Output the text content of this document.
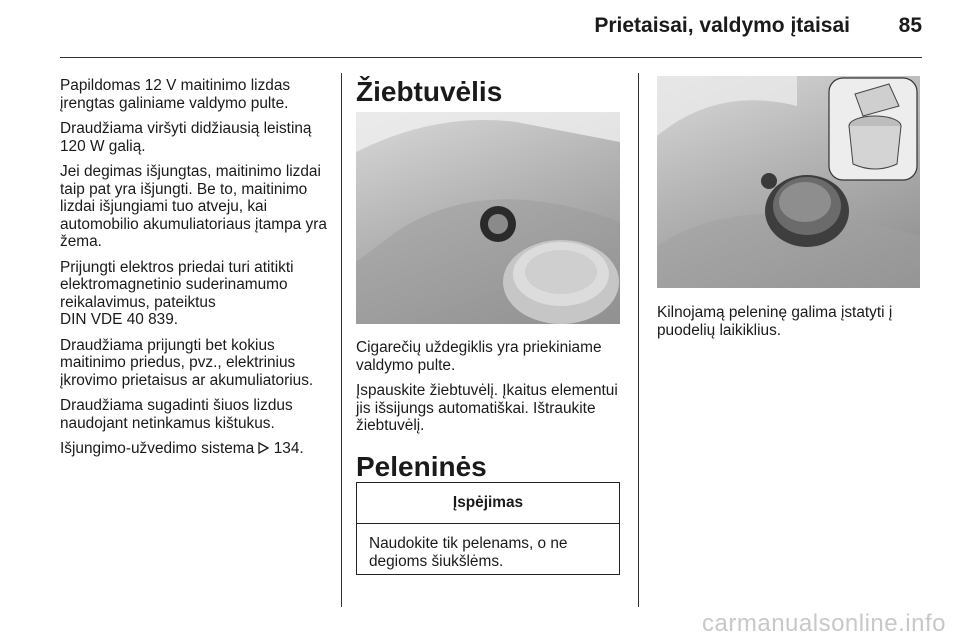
Prietaisai, valdymo įtaisai	85

Papildomas 12 V maitinimo lizdas įrengtas galiniame valdymo pulte.

Draudžiama viršyti didžiausią leistiną 120 W galią.

Jei degimas išjungtas, maitinimo lizdai taip pat yra išjungti. Be to, maitinimo lizdai išjungiami tuo atveju, kai automobilio akumuliatoriaus įtampa yra žema.

Prijungti elektros priedai turi atitikti elektromagnetinio suderinamumo reikalavimus, pateiktus

DIN VDE 40 839.

Draudžiama prijungti bet kokius maitinimo priedus, pvz., elektrinius įkrovimo prietaisus ar akumuliatorius.

Draudžiama sugadinti šiuos lizdus naudojant netinkamus kištukus.

Išjungimo-užvedimo sistema 134.

Žiebtuvėlis

Cigarečių uždegiklis yra priekiniame valdymo pulte.

Įspauskite žiebtuvėlį. Įkaitus elementui jis išsijungs automatiškai. Ištraukite žiebtuvėlį.

Peleninės
Įspėjimas
Naudokite tik pelenams, o ne degioms šiukšlėms.

Kilnojamą peleninę galima įstatyti į puodelių laikiklius.

carmanualsonline.info
